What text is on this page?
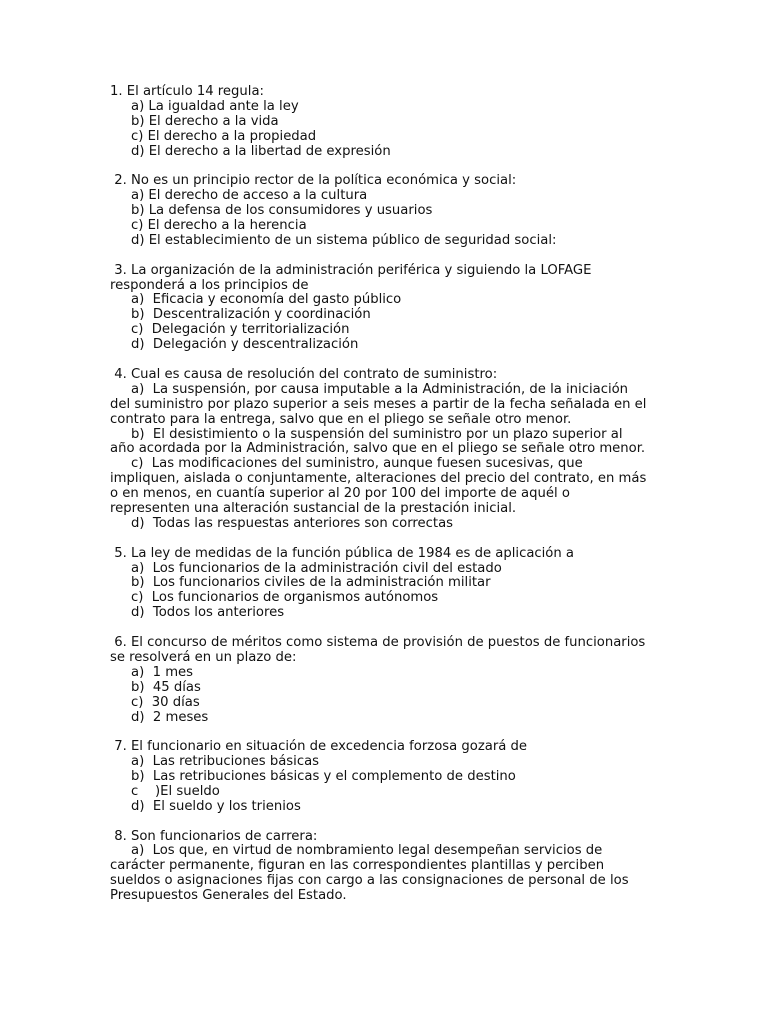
1. El artículo 14 regula:
a) La igualdad ante la ley
b) El derecho a la vida
c) El derecho a la propiedad
d) El derecho a la libertad de expresión
2. No es un principio rector de la política económica y social:
a) El derecho de acceso a la cultura
b) La defensa de los consumidores y usuarios
c) El derecho a la herencia
d) El establecimiento de un sistema público de seguridad social:
3. La organización de la administración periférica y siguiendo la LOFAGE responderá a los principios de
a)  Eficacia y economía del gasto público
b)  Descentralización y coordinación
c)  Delegación y territorialización
d)  Delegación y descentralización
4. Cual es causa de resolución del contrato de suministro:
a)  La suspensión, por causa imputable a la Administración, de la iniciación del suministro por plazo superior a seis meses a partir de la fecha señalada en el contrato para la entrega, salvo que en el pliego se señale otro menor.
b)  El desistimiento o la suspensión del suministro por un plazo superior al año acordada por la Administración, salvo que en el pliego se señale otro menor.
c)  Las modificaciones del suministro, aunque fuesen sucesivas, que impliquen, aislada o conjuntamente, alteraciones del precio del contrato, en más o en menos, en cuantía superior al 20 por 100 del importe de aquél o representen una alteración sustancial de la prestación inicial.
d)  Todas las respuestas anteriores son correctas
5. La ley de medidas de la función pública de 1984 es de aplicación a
a)  Los funcionarios de la administración civil del estado
b)  Los funcionarios civiles de la administración militar
c)  Los funcionarios de organismos autónomos
d)  Todos los anteriores
6. El concurso de méritos como sistema de provisión de puestos de funcionarios se resolverá en un plazo de:
a)  1 mes
b)  45 días
c)  30 días
d)  2 meses
7. El funcionario en situación de excedencia forzosa gozará de
a)  Las retribuciones básicas
b)  Las retribuciones básicas y el complemento de destino
c    )El sueldo
d)  El sueldo y los trienios
8. Son funcionarios de carrera:
a)  Los que, en virtud de nombramiento legal desempeñan servicios de carácter permanente, figuran en las correspondientes plantillas y perciben sueldos o asignaciones fijas con cargo a las consignaciones de personal de los Presupuestos Generales del Estado.
